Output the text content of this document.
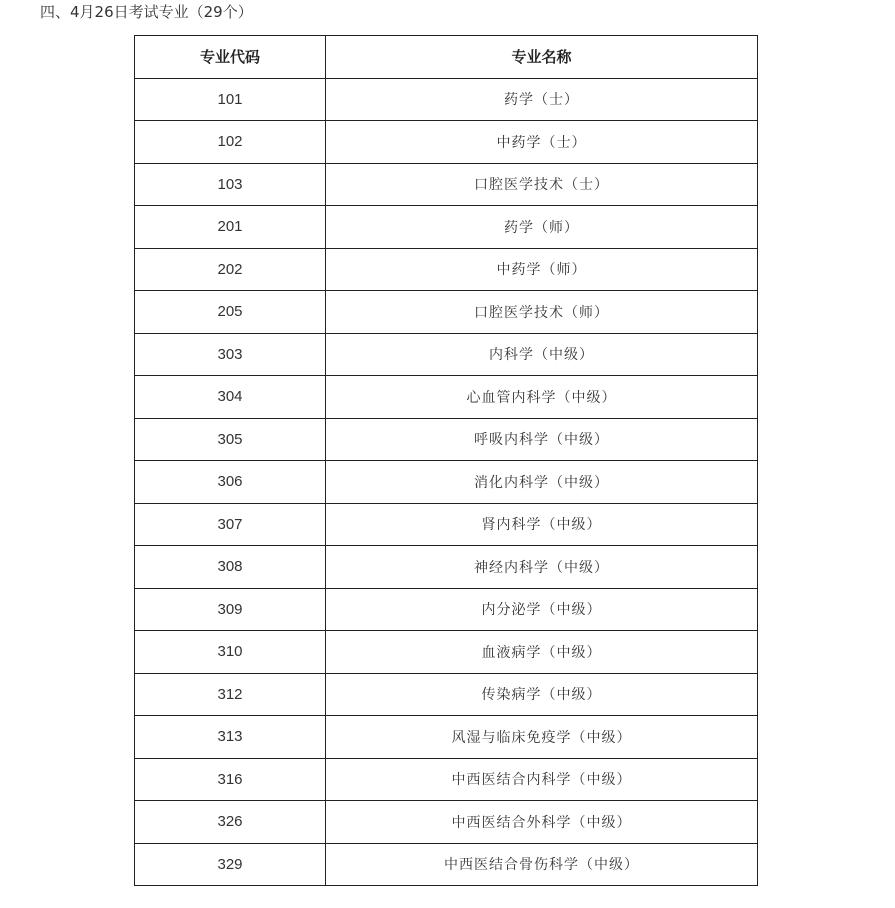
四、4月26日考试专业（29个）
专业代码	专业名称
101	药学（士）
102	中药学（士）
103	口腔医学技术（士）
201	药学（师）
202	中药学（师）
205	口腔医学技术（师）
303	内科学（中级）
304	心血管内科学（中级）
305	呼吸内科学（中级）
306	消化内科学（中级）
307	肾内科学（中级）
308	神经内科学（中级）
309	内分泌学（中级）
310	血液病学（中级）
312	传染病学（中级）
313	风湿与临床免疫学（中级）
316	中西医结合内科学（中级）
326	中西医结合外科学（中级）
329	中西医结合骨伤科学（中级）
